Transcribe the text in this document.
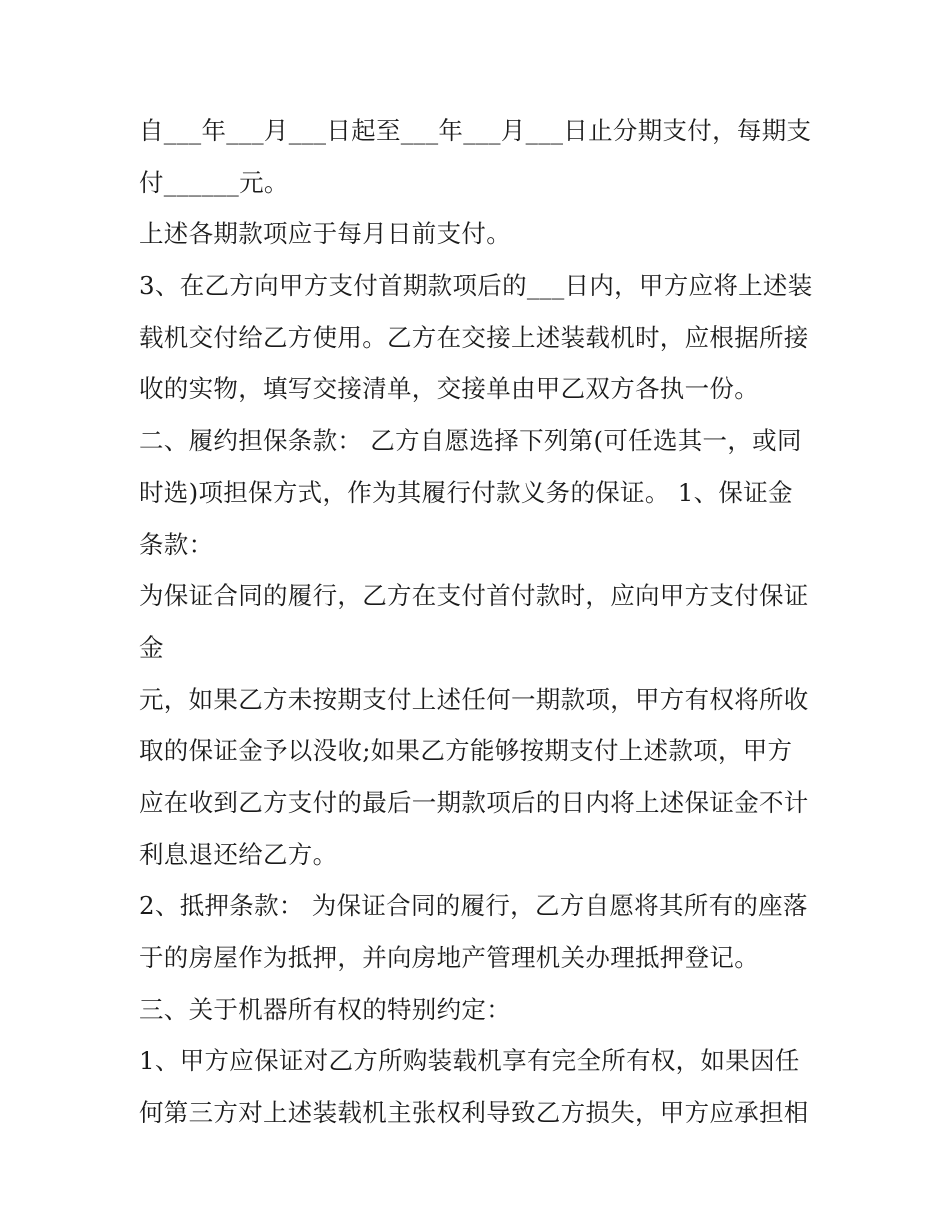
自___年___月___日起至___年___月___日止分期支付，每期支
付______元。
上述各期款项应于每月日前支付。
3、在乙方向甲方支付首期款项后的___日内，甲方应将上述装
载机交付给乙方使用。乙方在交接上述装载机时，应根据所接
收的实物，填写交接清单，交接单由甲乙双方各执一份。
二、履约担保条款： 乙方自愿选择下列第(可任选其一，或同
时选)项担保方式，作为其履行付款义务的保证。 1、保证金
条款：
为保证合同的履行，乙方在支付首付款时，应向甲方支付保证
金
元，如果乙方未按期支付上述任何一期款项，甲方有权将所收
取的保证金予以没收;如果乙方能够按期支付上述款项，甲方
应在收到乙方支付的最后一期款项后的日内将上述保证金不计
利息退还给乙方。
2、抵押条款： 为保证合同的履行，乙方自愿将其所有的座落
于的房屋作为抵押，并向房地产管理机关办理抵押登记。
三、关于机器所有权的特别约定：
1、甲方应保证对乙方所购装载机享有完全所有权，如果因任
何第三方对上述装载机主张权利导致乙方损失，甲方应承担相
